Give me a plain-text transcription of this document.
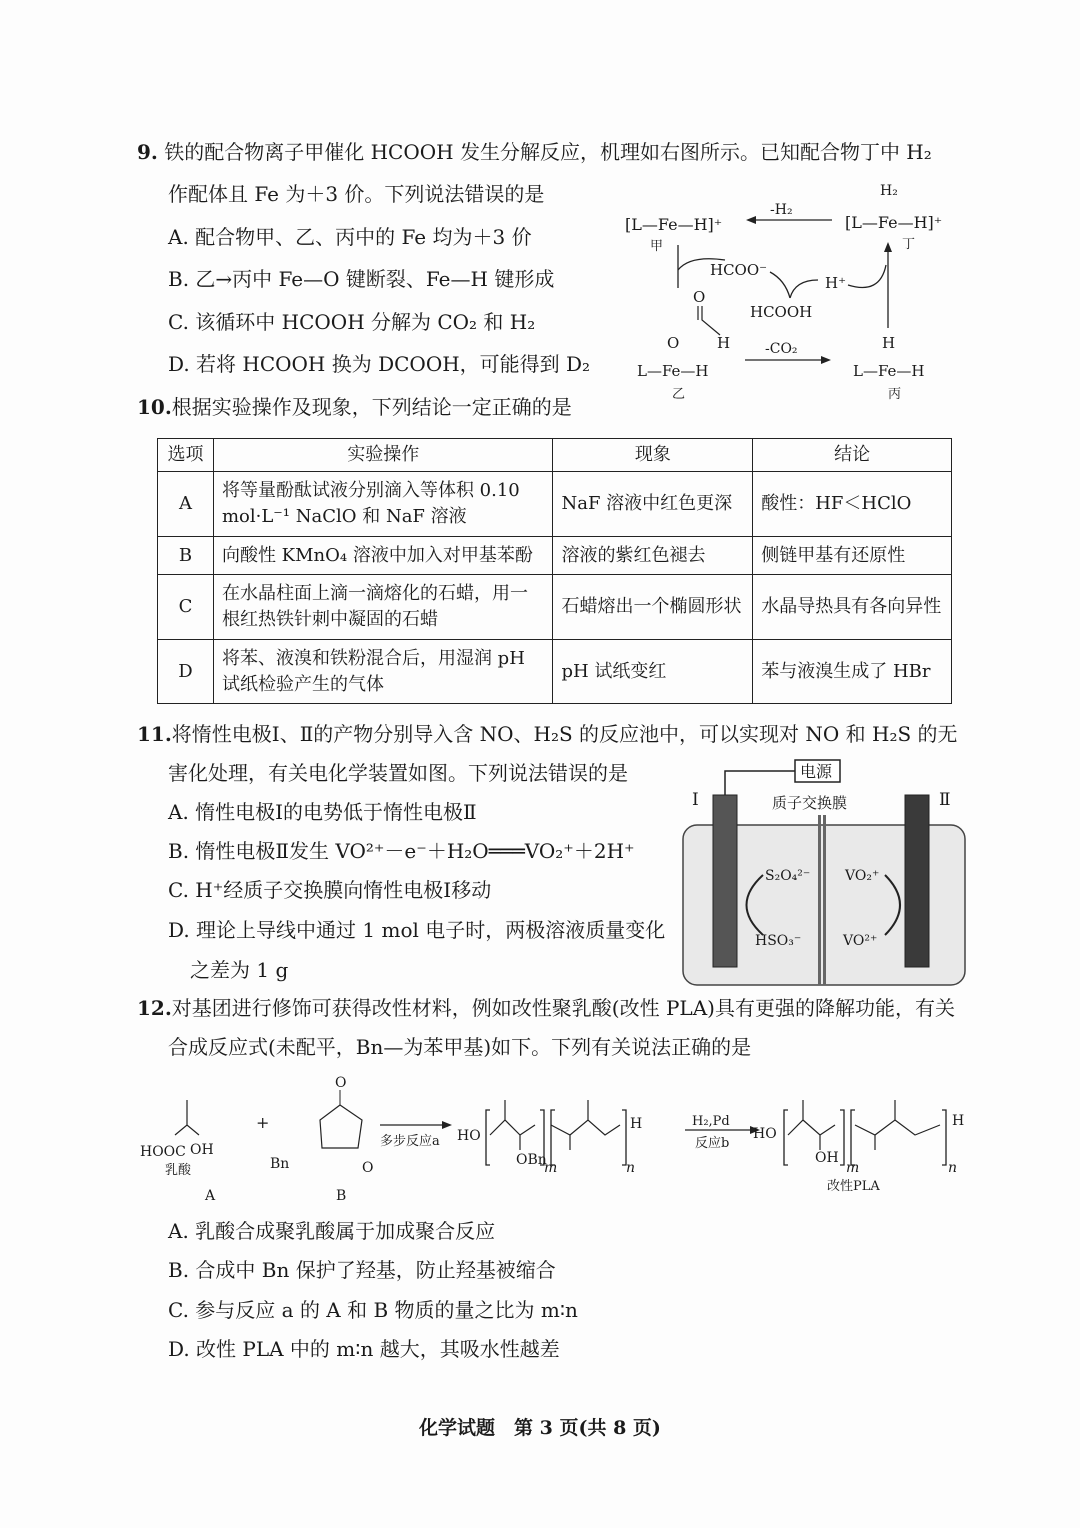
9. 铁的配合物离子甲催化 HCOOH 发生分解反应，机理如右图所示。已知配合物丁中 H₂
作配体且 Fe 为＋3 价。下列说法错误的是
A. 配合物甲、乙、丙中的 Fe 均为＋3 价
B. 乙→丙中 Fe—O 键断裂、Fe—H 键形成
C. 该循环中 HCOOH 分解为 CO₂ 和 H₂
D. 若将 HCOOH 换为 DCOOH，可能得到 D₂
[L—Fe—H]⁺
甲
H₂
[L—Fe—H]⁺
丁
-H₂
HCOO⁻
H⁺
HCOOH
O
H
O
L—Fe—H
乙
-CO₂	H
L—Fe—H
丙
10.根据实验操作及现象，下列结论一定正确的是
选项	实验操作	现象	结论
A	将等量酚酞试液分别滴入等体积 0.10 mol·L⁻¹ NaClO 和 NaF 溶液	NaF 溶液中红色更深	酸性：HF＜HClO
B	向酸性 KMnO₄ 溶液中加入对甲基苯酚	溶液的紫红色褪去	侧链甲基有还原性
C	在水晶柱面上滴一滴熔化的石蜡，用一根红热铁针刺中凝固的石蜡	石蜡熔出一个椭圆形状	水晶导热具有各向异性
D	将苯、液溴和铁粉混合后，用湿润 pH 试纸检验产生的气体	pH 试纸变红	苯与液溴生成了 HBr
11.将惰性电极Ⅰ、Ⅱ的产物分别导入含 NO、H₂S 的反应池中，可以实现对 NO 和 H₂S 的无
害化处理，有关电化学装置如图。下列说法错误的是
A. 惰性电极Ⅰ的电势低于惰性电极Ⅱ
B. 惰性电极Ⅱ发生 VO²⁺－e⁻＋H₂O═══VO₂⁺＋2H⁺
C. H⁺经质子交换膜向惰性电极Ⅰ移动
D. 理论上导线中通过 1 mol 电子时，两极溶液质量变化
之差为 1 g
电源
质子交换膜
Ⅰ	Ⅱ
S₂O₄²⁻
HSO₃⁻
VO₂⁺
VO²⁺
12.对基团进行修饰可获得改性材料，例如改性聚乳酸(改性 PLA)具有更强的降解功能，有关
合成反应式(未配平，Bn—为苯甲基)如下。下列有关说法正确的是
HOOC OH
乳酸
A
+
O
Bn	O
B
多步反应a HO
OBn
m	n
H	H₂,Pd
反应b
HO
OH
m	n
H
改性PLA
A. 乳酸合成聚乳酸属于加成聚合反应
B. 合成中 Bn 保护了羟基，防止羟基被缩合
C. 参与反应 a 的 A 和 B 物质的量之比为 m∶n
D. 改性 PLA 中的 m∶n 越大，其吸水性越差
化学试题　第 3 页(共 8 页)
